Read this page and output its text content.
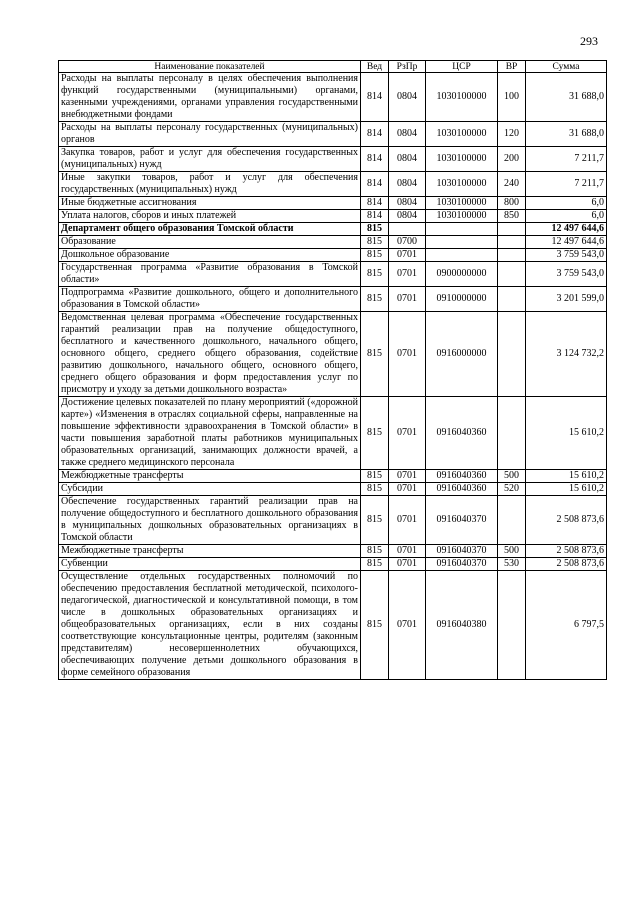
293
Наименование показателей	Вед	РзПр	ЦСР	ВР	Сумма
Расходы на выплаты персоналу в целях обеспечения выполнения функций государственными (муниципальными) органами, казенными учреждениями, органами управления государственными внебюджетными фондами	814	0804	1030100000	100	31 688,0
Расходы на выплаты персоналу государственных (муниципальных) органов	814	0804	1030100000	120	31 688,0
Закупка товаров, работ и услуг для обеспечения государственных (муниципальных) нужд	814	0804	1030100000	200	7 211,7
Иные закупки товаров, работ и услуг для обеспечения государственных (муниципальных) нужд	814	0804	1030100000	240	7 211,7
Иные бюджетные ассигнования	814	0804	1030100000	800	6,0
Уплата налогов, сборов и иных платежей	814	0804	1030100000	850	6,0
Департамент общего образования Томской области	815				12 497 644,6
Образование	815	0700			12 497 644,6
Дошкольное образование	815	0701			3 759 543,0
Государственная программа «Развитие образования в Томской области»	815	0701	0900000000		3 759 543,0
Подпрограмма «Развитие дошкольного, общего и дополнительного образования в Томской области»	815	0701	0910000000		3 201 599,0
Ведомственная целевая программа «Обеспечение государственных гарантий реализации прав на получение общедоступного, бесплатного и качественного дошкольного, начального общего, основного общего, среднего общего образования, содействие развитию дошкольного, начального общего, основного общего, среднего общего образования и форм предоставления услуг по присмотру и уходу за детьми дошкольного возраста»	815	0701	0916000000		3 124 732,2
Достижение целевых показателей по плану мероприятий («дорожной карте») «Изменения в отраслях социальной сферы, направленные на повышение эффективности здравоохранения в Томской области» в части повышения заработной платы работников муниципальных образовательных организаций, занимающих должности врачей, а также среднего медицинского персонала	815	0701	0916040360		15 610,2
Межбюджетные трансферты	815	0701	0916040360	500	15 610,2
Субсидии	815	0701	0916040360	520	15 610,2
Обеспечение государственных гарантий реализации прав на получение общедоступного и бесплатного дошкольного образования в муниципальных дошкольных образовательных организациях в Томской области	815	0701	0916040370		2 508 873,6
Межбюджетные трансферты	815	0701	0916040370	500	2 508 873,6
Субвенции	815	0701	0916040370	530	2 508 873,6
Осуществление отдельных государственных полномочий по обеспечению предоставления бесплатной методической, психолого-педагогической, диагностической и консультативной помощи, в том числе в дошкольных образовательных организациях и общеобразовательных организациях, если в них созданы соответствующие консультационные центры, родителям (законным представителям) несовершеннолетних обучающихся, обеспечивающих получение детьми дошкольного образования в форме семейного образования	815	0701	0916040380		6 797,5
